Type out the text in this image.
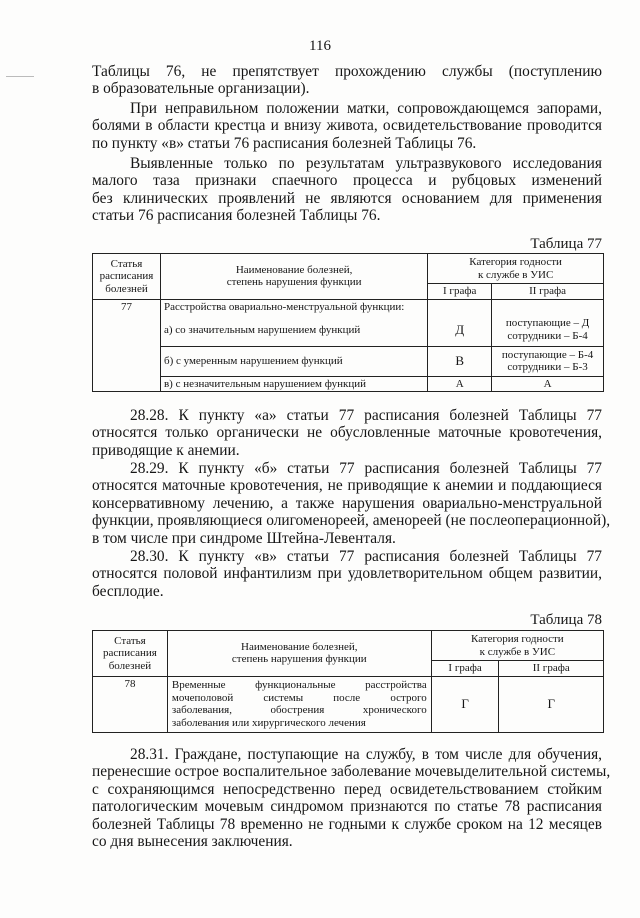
116
Таблицы 76, не препятствует прохождению службы (поступлению
в образовательные организации).
При неправильном положении матки, сопровождающемся запорами,
болями в области крестца и внизу живота, освидетельствование проводится
по пункту «в» статьи 76 расписания болезней Таблицы 76.
Выявленные только по результатам ультразвукового исследования
малого таза признаки спаечного процесса и рубцовых изменений
без клинических проявлений не являются основанием для применения
статьи 76 расписания болезней Таблицы 76.
Таблица 77
Статья
расписания
болезней	Наименование болезней,
степень нарушения функции	Категория годности
к службе в УИС	
		I графа	II графа
77	Расстройства овариально-менструальной функции:		
	а) со значительным нарушением функций	Д	поступающие – Д
сотрудники – Б-4
	б) с умеренным нарушением функций	В	поступающие – Б-4
сотрудники – Б-3
	в) с незначительным нарушением функций	А	А
28.28. К пункту «а» статьи 77 расписания болезней Таблицы 77
относятся только органически не обусловленные маточные кровотечения,
приводящие к анемии.
28.29. К пункту «б» статьи 77 расписания болезней Таблицы 77
относятся маточные кровотечения, не приводящие к анемии и поддающиеся
консервативному лечению, а также нарушения овариально-менструальной
функции, проявляющиеся олигоменореей, аменореей (не послеоперационной),
в том числе при синдроме Штейна-Левенталя.
28.30. К пункту «в» статьи 77 расписания болезней Таблицы 77
относятся половой инфантилизм при удовлетворительном общем развитии,
бесплодие.
Таблица 78
Статья
расписания
болезней	Наименование болезней,
степень нарушения функции	Категория годности
к службе в УИС	
		I графа	II графа
78	Временные      функциональные      расстройства
мочеполовой      системы      после      острого
заболевания,      обострения      хронического
заболевания или хирургического лечения	Г	Г
28.31. Граждане, поступающие на службу, в том числе для обучения,
перенесшие острое воспалительное заболевание мочевыделительной системы,
с сохраняющимся непосредственно перед освидетельствованием стойким
патологическим мочевым синдромом признаются по статье 78 расписания
болезней Таблицы 78 временно не годными к службе сроком на 12 месяцев
со дня вынесения заключения.
